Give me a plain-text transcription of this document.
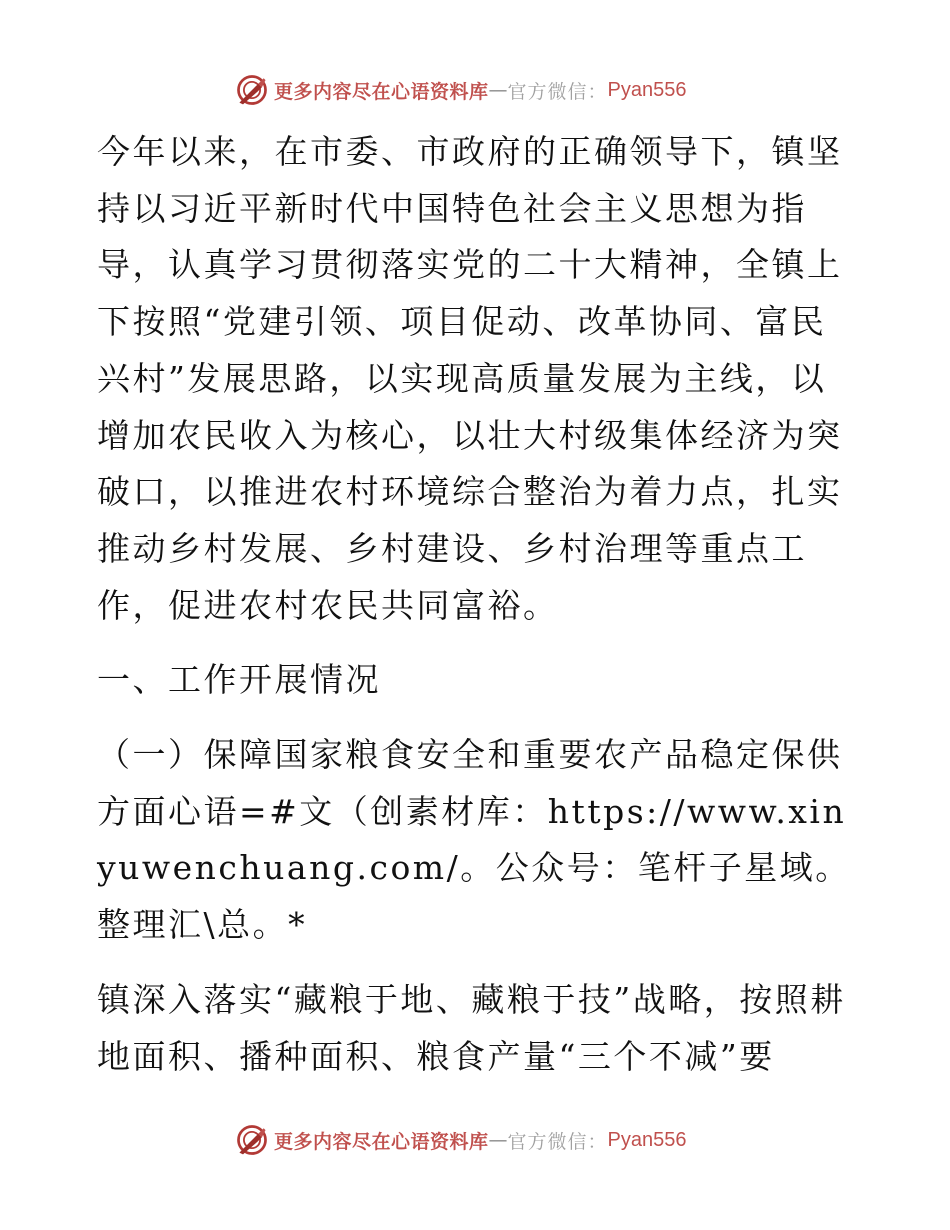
更多内容尽在心语资料库 — 官方微信： Pyan556

今年以来，在市委、市政府的正确领导下，镇坚持以习近平新时代中国特色社会主义思想为指导，认真学习贯彻落实党的二十大精神，全镇上下按照“党建引领、项目促动、改革协同、富民兴村”发展思路，以实现高质量发展为主线，以增加农民收入为核心，以壮大村级集体经济为突破口，以推进农村环境综合整治为着力点，扎实推动乡村发展、乡村建设、乡村治理等重点工作，促进农村农民共同富裕。

一、工作开展情况

（一）保障国家粮食安全和重要农产品稳定保供方面心语=#文（创素材库：https://www.xinyuwenchuang.com/。公众号：笔杆子星域。整理汇\总。*

镇深入落实“藏粮于地、藏粮于技”战略，按照耕地面积、播种面积、粮食产量“三个不减”要

更多内容尽在心语资料库 — 官方微信： Pyan556
